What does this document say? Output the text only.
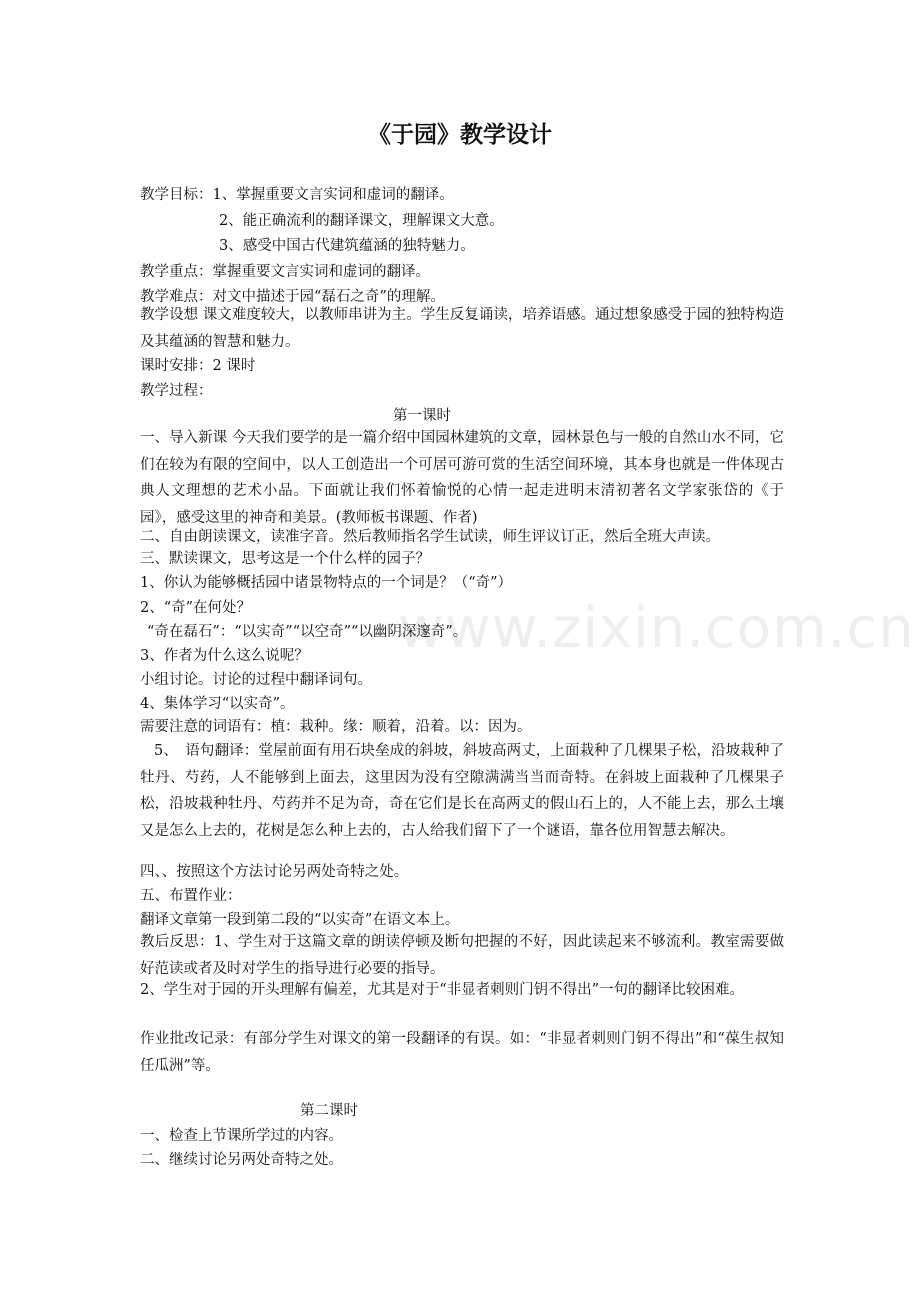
www.zixin.com.cn
《于园》教学设计
教学目标：1、掌握重要文言实词和虚词的翻译。
2、能正确流利的翻译课文，理解课文大意。
3、感受中国古代建筑蕴涵的独特魅力。
教学重点：掌握重要文言实词和虚词的翻译。
教学难点：对文中描述于园“磊石之奇”的理解。
教学设想 课文难度较大，以教师串讲为主。学生反复诵读，培养语感。通过想象感受于园的独特构造及其蕴涵的智慧和魅力。
课时安排：2 课时
教学过程：
第一课时
一、导入新课 今天我们要学的是一篇介绍中国园林建筑的文章，园林景色与一般的自然山水不同，它们在较为有限的空间中，以人工创造出一个可居可游可赏的生活空间环境，其本身也就是一件体现古典人文理想的艺术小品。下面就让我们怀着愉悦的心情一起走进明末清初著名文学家张岱的《于园》，感受这里的神奇和美景。(教师板书课题、作者)
二、自由朗读课文，读准字音。然后教师指名学生试读，师生评议订正，然后全班大声读。
三、默读课文，思考这是一个什么样的园子？
1、你认为能够概括园中诸景物特点的一个词是？（“奇”）
2、“奇”在何处？
“奇在磊石”：“以实奇”“以空奇”“以幽阴深邃奇”。
3、作者为什么这么说呢？
小组讨论。讨论的过程中翻译词句。
4、集体学习“以实奇”。
需要注意的词语有：植：栽种。缘：顺着，沿着。以：因为。
5、　语句翻译：堂屋前面有用石块垒成的斜坡，斜坡高两丈，上面栽种了几棵果子松，沿坡栽种了牡丹、芍药，人不能够到上面去，这里因为没有空隙满满当当而奇特。在斜坡上面栽种了几棵果子松，沿坡栽种牡丹、芍药并不足为奇，奇在它们是长在高两丈的假山石上的，人不能上去，那么土壤又是怎么上去的，花树是怎么种上去的，古人给我们留下了一个谜语，靠各位用智慧去解决。
四、、按照这个方法讨论另两处奇特之处。
五、布置作业：
翻译文章第一段到第二段的“以实奇”在语文本上。
教后反思：1、学生对于这篇文章的朗读停顿及断句把握的不好，因此读起来不够流利。教室需要做好范读或者及时对学生的指导进行必要的指导。
2、学生对于园的开头理解有偏差，尤其是对于“非显者刺则门钥不得出”一句的翻译比较困难。
作业批改记录：有部分学生对课文的第一段翻译的有误。如：“非显者刺则门钥不得出”和“葆生叔知任瓜洲”等。
第二课时
一、检查上节课所学过的内容。
二、继续讨论另两处奇特之处。
